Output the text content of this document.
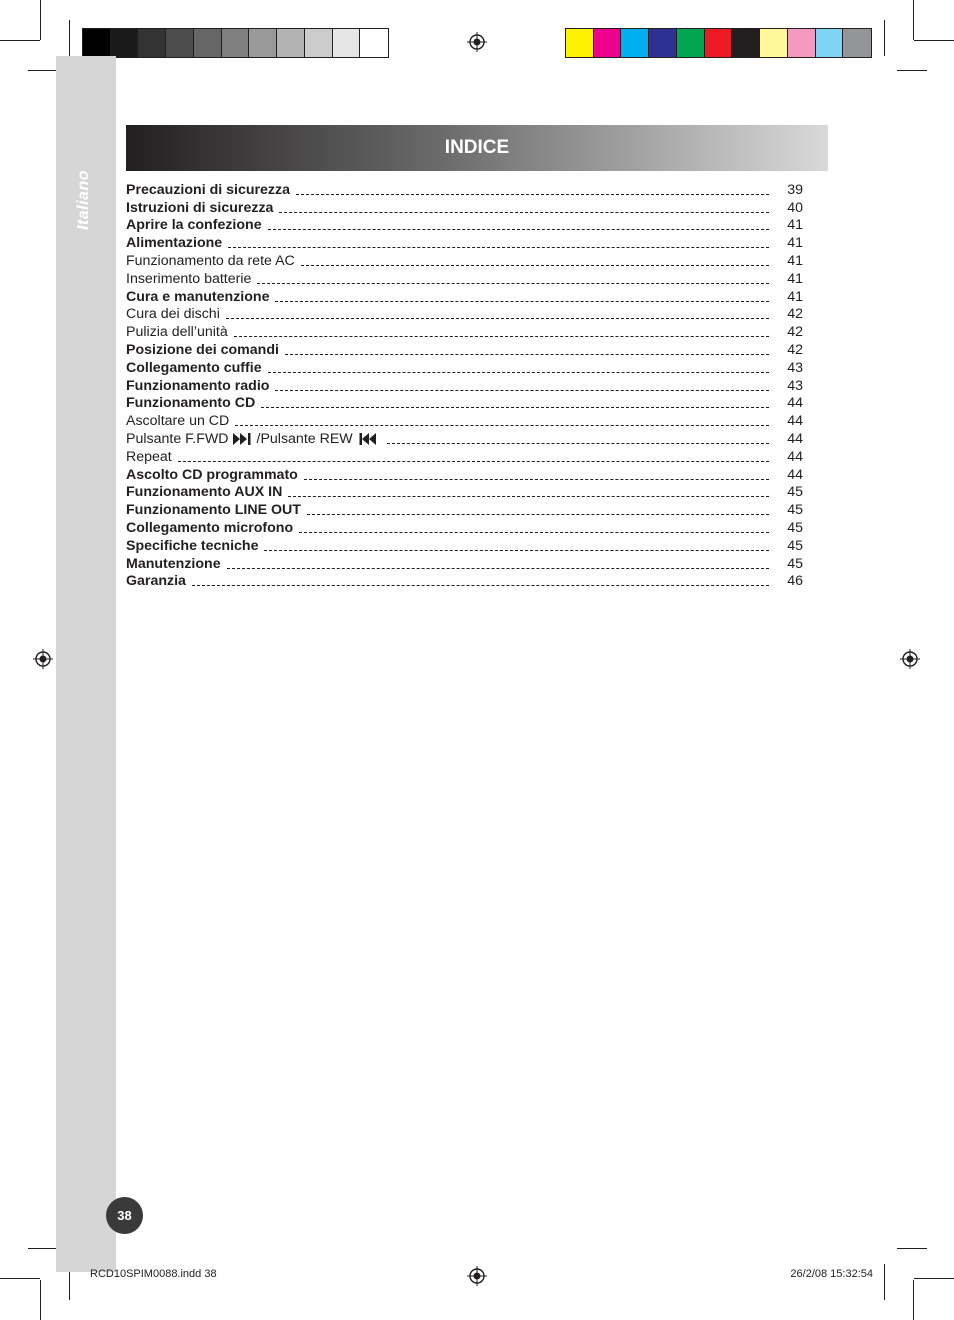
Italiano
INDICE
Precauzioni di sicurezza	39
Istruzioni di sicurezza	40
Aprire la confezione	41
Alimentazione	41
Funzionamento da rete AC	41
Inserimento batterie	41
Cura e manutenzione	41
Cura dei dischi	42
Pulizia dell’unità	42
Posizione dei comandi	42
Collegamento cuffie	43
Funzionamento radio	43
Funzionamento CD	44
Ascoltare un CD	44
Pulsante F.FWD /Pulsante REW	44
Repeat	44
Ascolto CD programmato	44
Funzionamento AUX IN	45
Funzionamento LINE OUT	45
Collegamento microfono	45
Specifiche tecniche	45
Manutenzione	45
Garanzia	46
38
RCD10SPIM0088.indd 38	26/2/08 15:32:54
